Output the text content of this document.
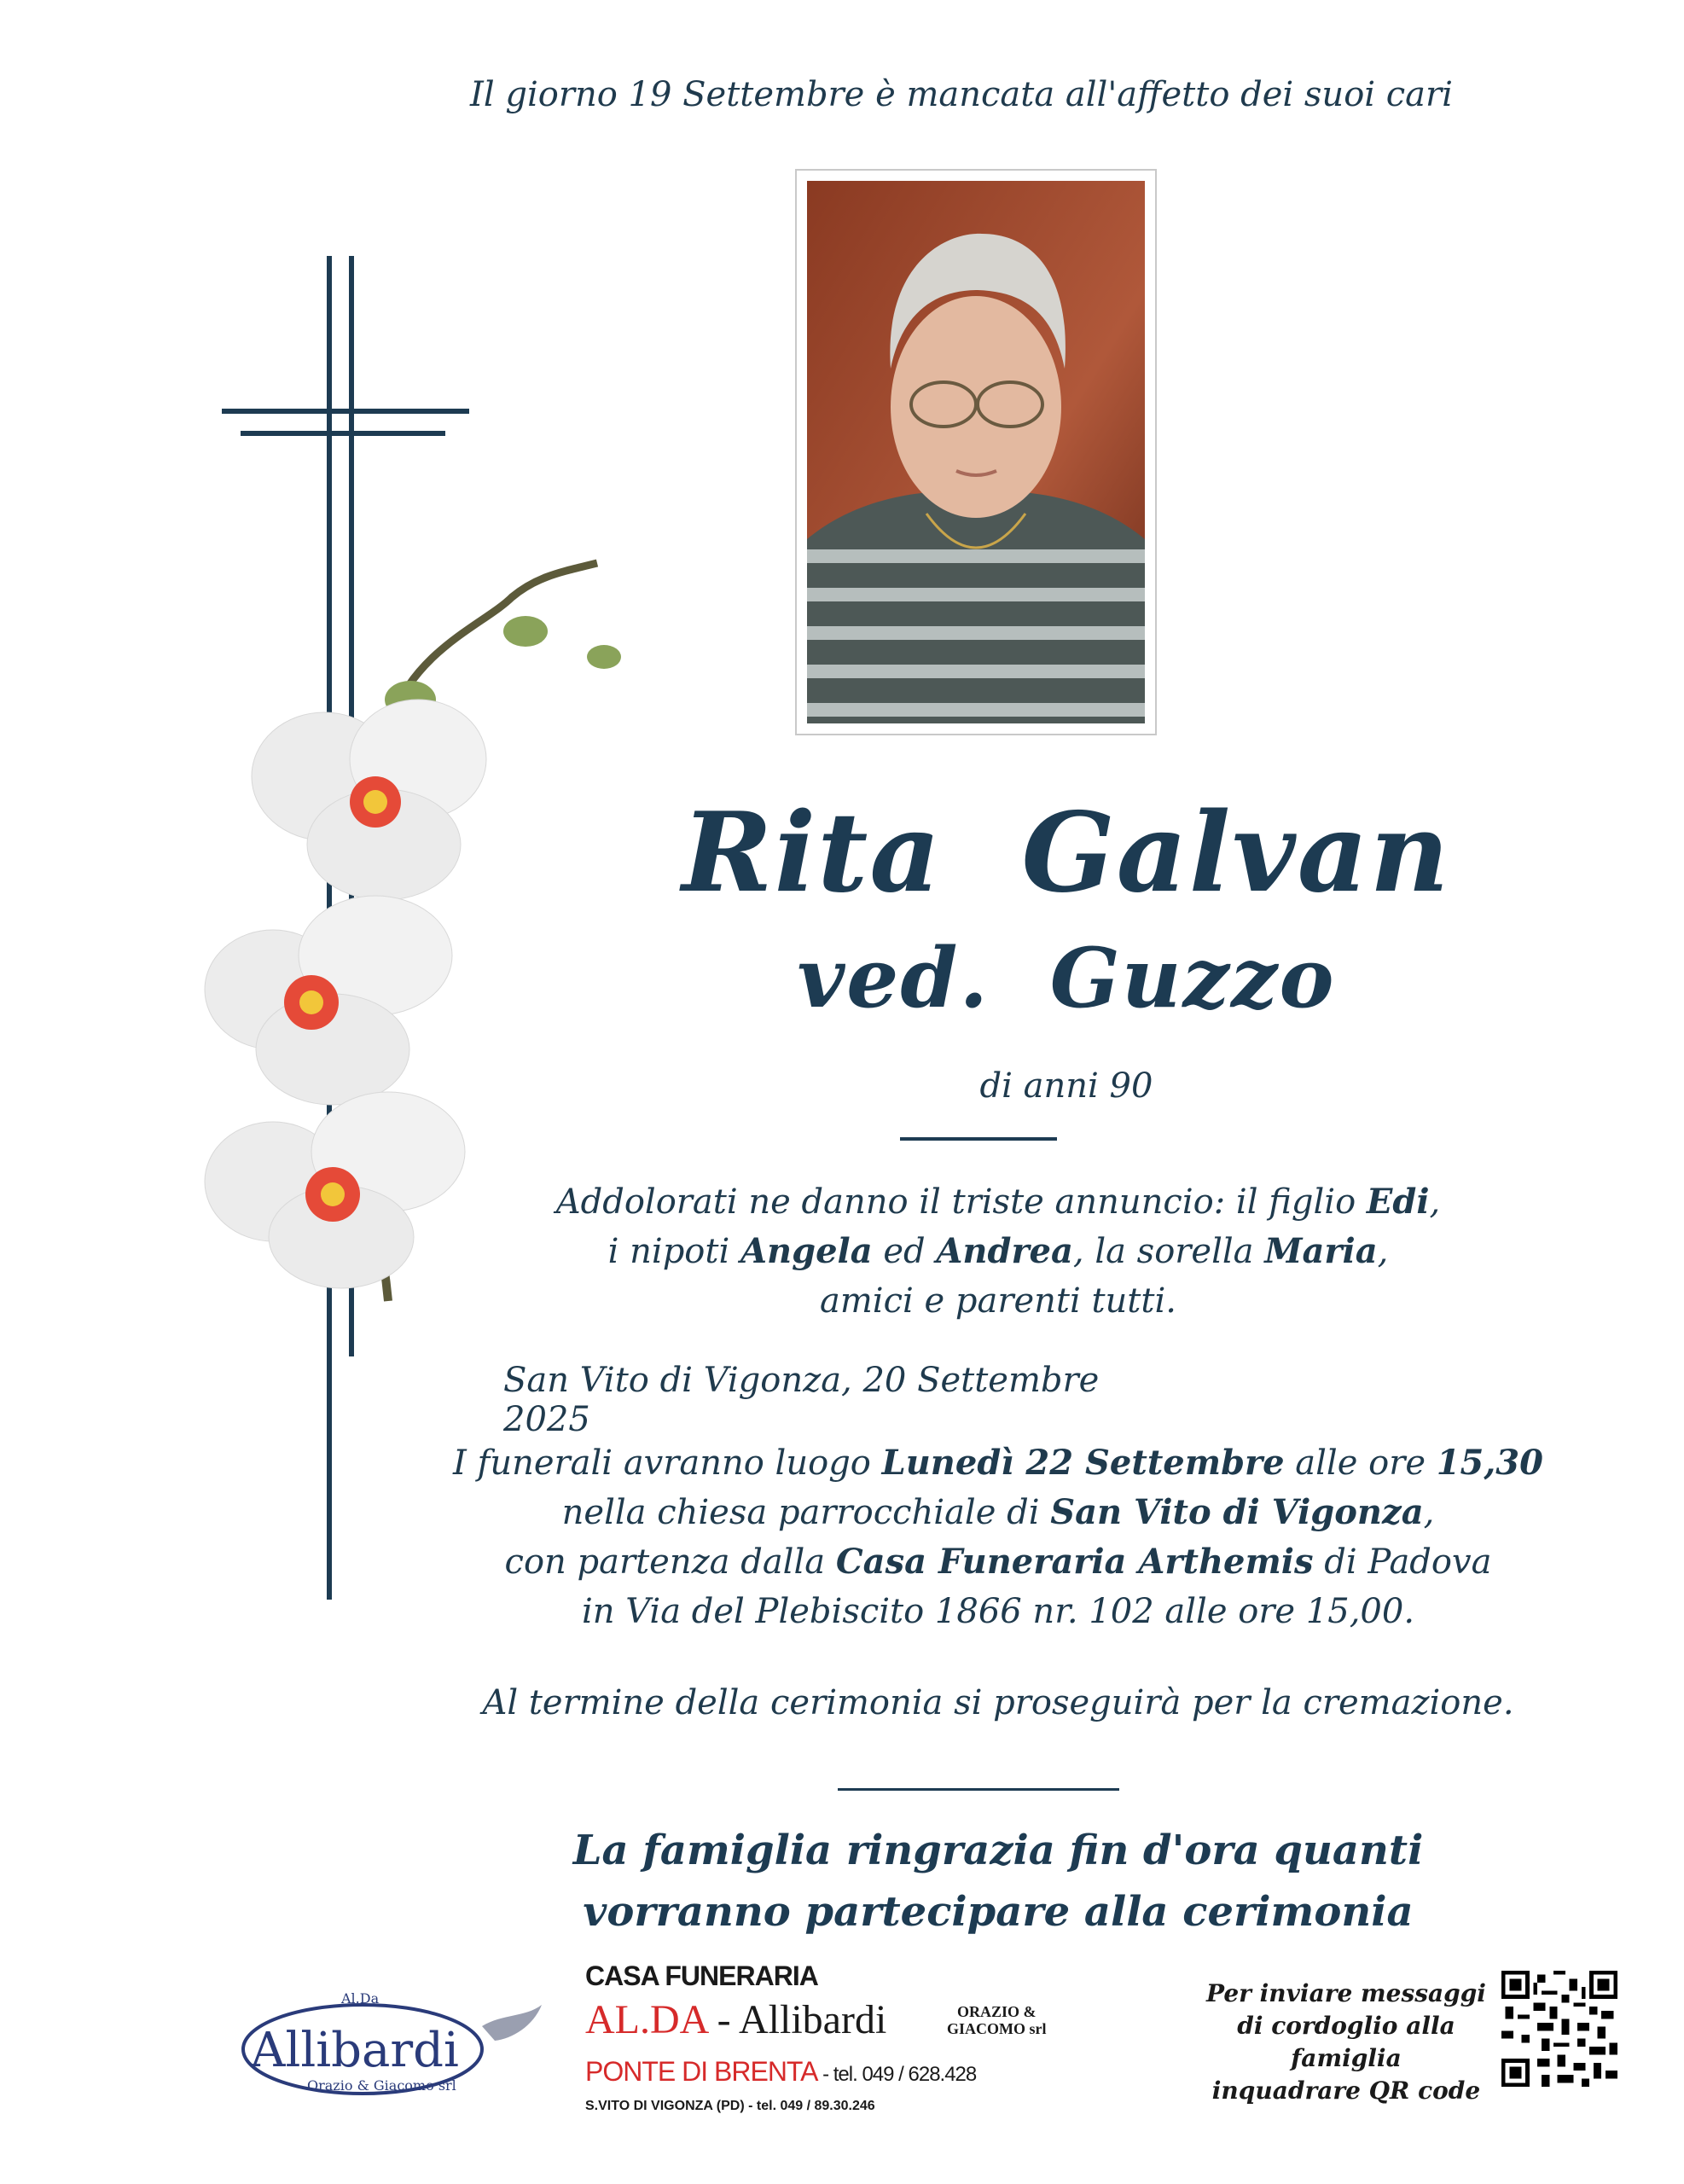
Il giorno 19 Settembre è mancata all'affetto dei suoi cari
Rita  Galvan
ved.  Guzzo
di anni 90
Addolorati ne danno il triste annuncio: il figlio Edi,
i nipoti Angela ed Andrea, la sorella Maria,
amici e parenti tutti.
San Vito di Vigonza, 20 Settembre 2025
I funerali avranno luogo Lunedì 22 Settembre alle ore 15,30
nella chiesa parrocchiale di San Vito di Vigonza,
con partenza dalla Casa Funeraria Arthemis di Padova
in Via del Plebiscito 1866 nr. 102 alle ore 15,00.
Al termine della cerimonia si proseguirà per la cremazione.
La famiglia ringrazia fin d'ora quanti
vorranno partecipare alla cerimonia
Al.Da
Allibardi
Orazio & Giacomo srl
CASA FUNERARIA
AL.DA - Allibardi	ORAZIO &
GIACOMO srl
PONTE DI BRENTA - tel. 049 / 628.428
S.VITO DI VIGONZA (PD) - tel. 049 / 89.30.246
Per inviare messaggi
di cordoglio alla famiglia
inquadrare QR code
